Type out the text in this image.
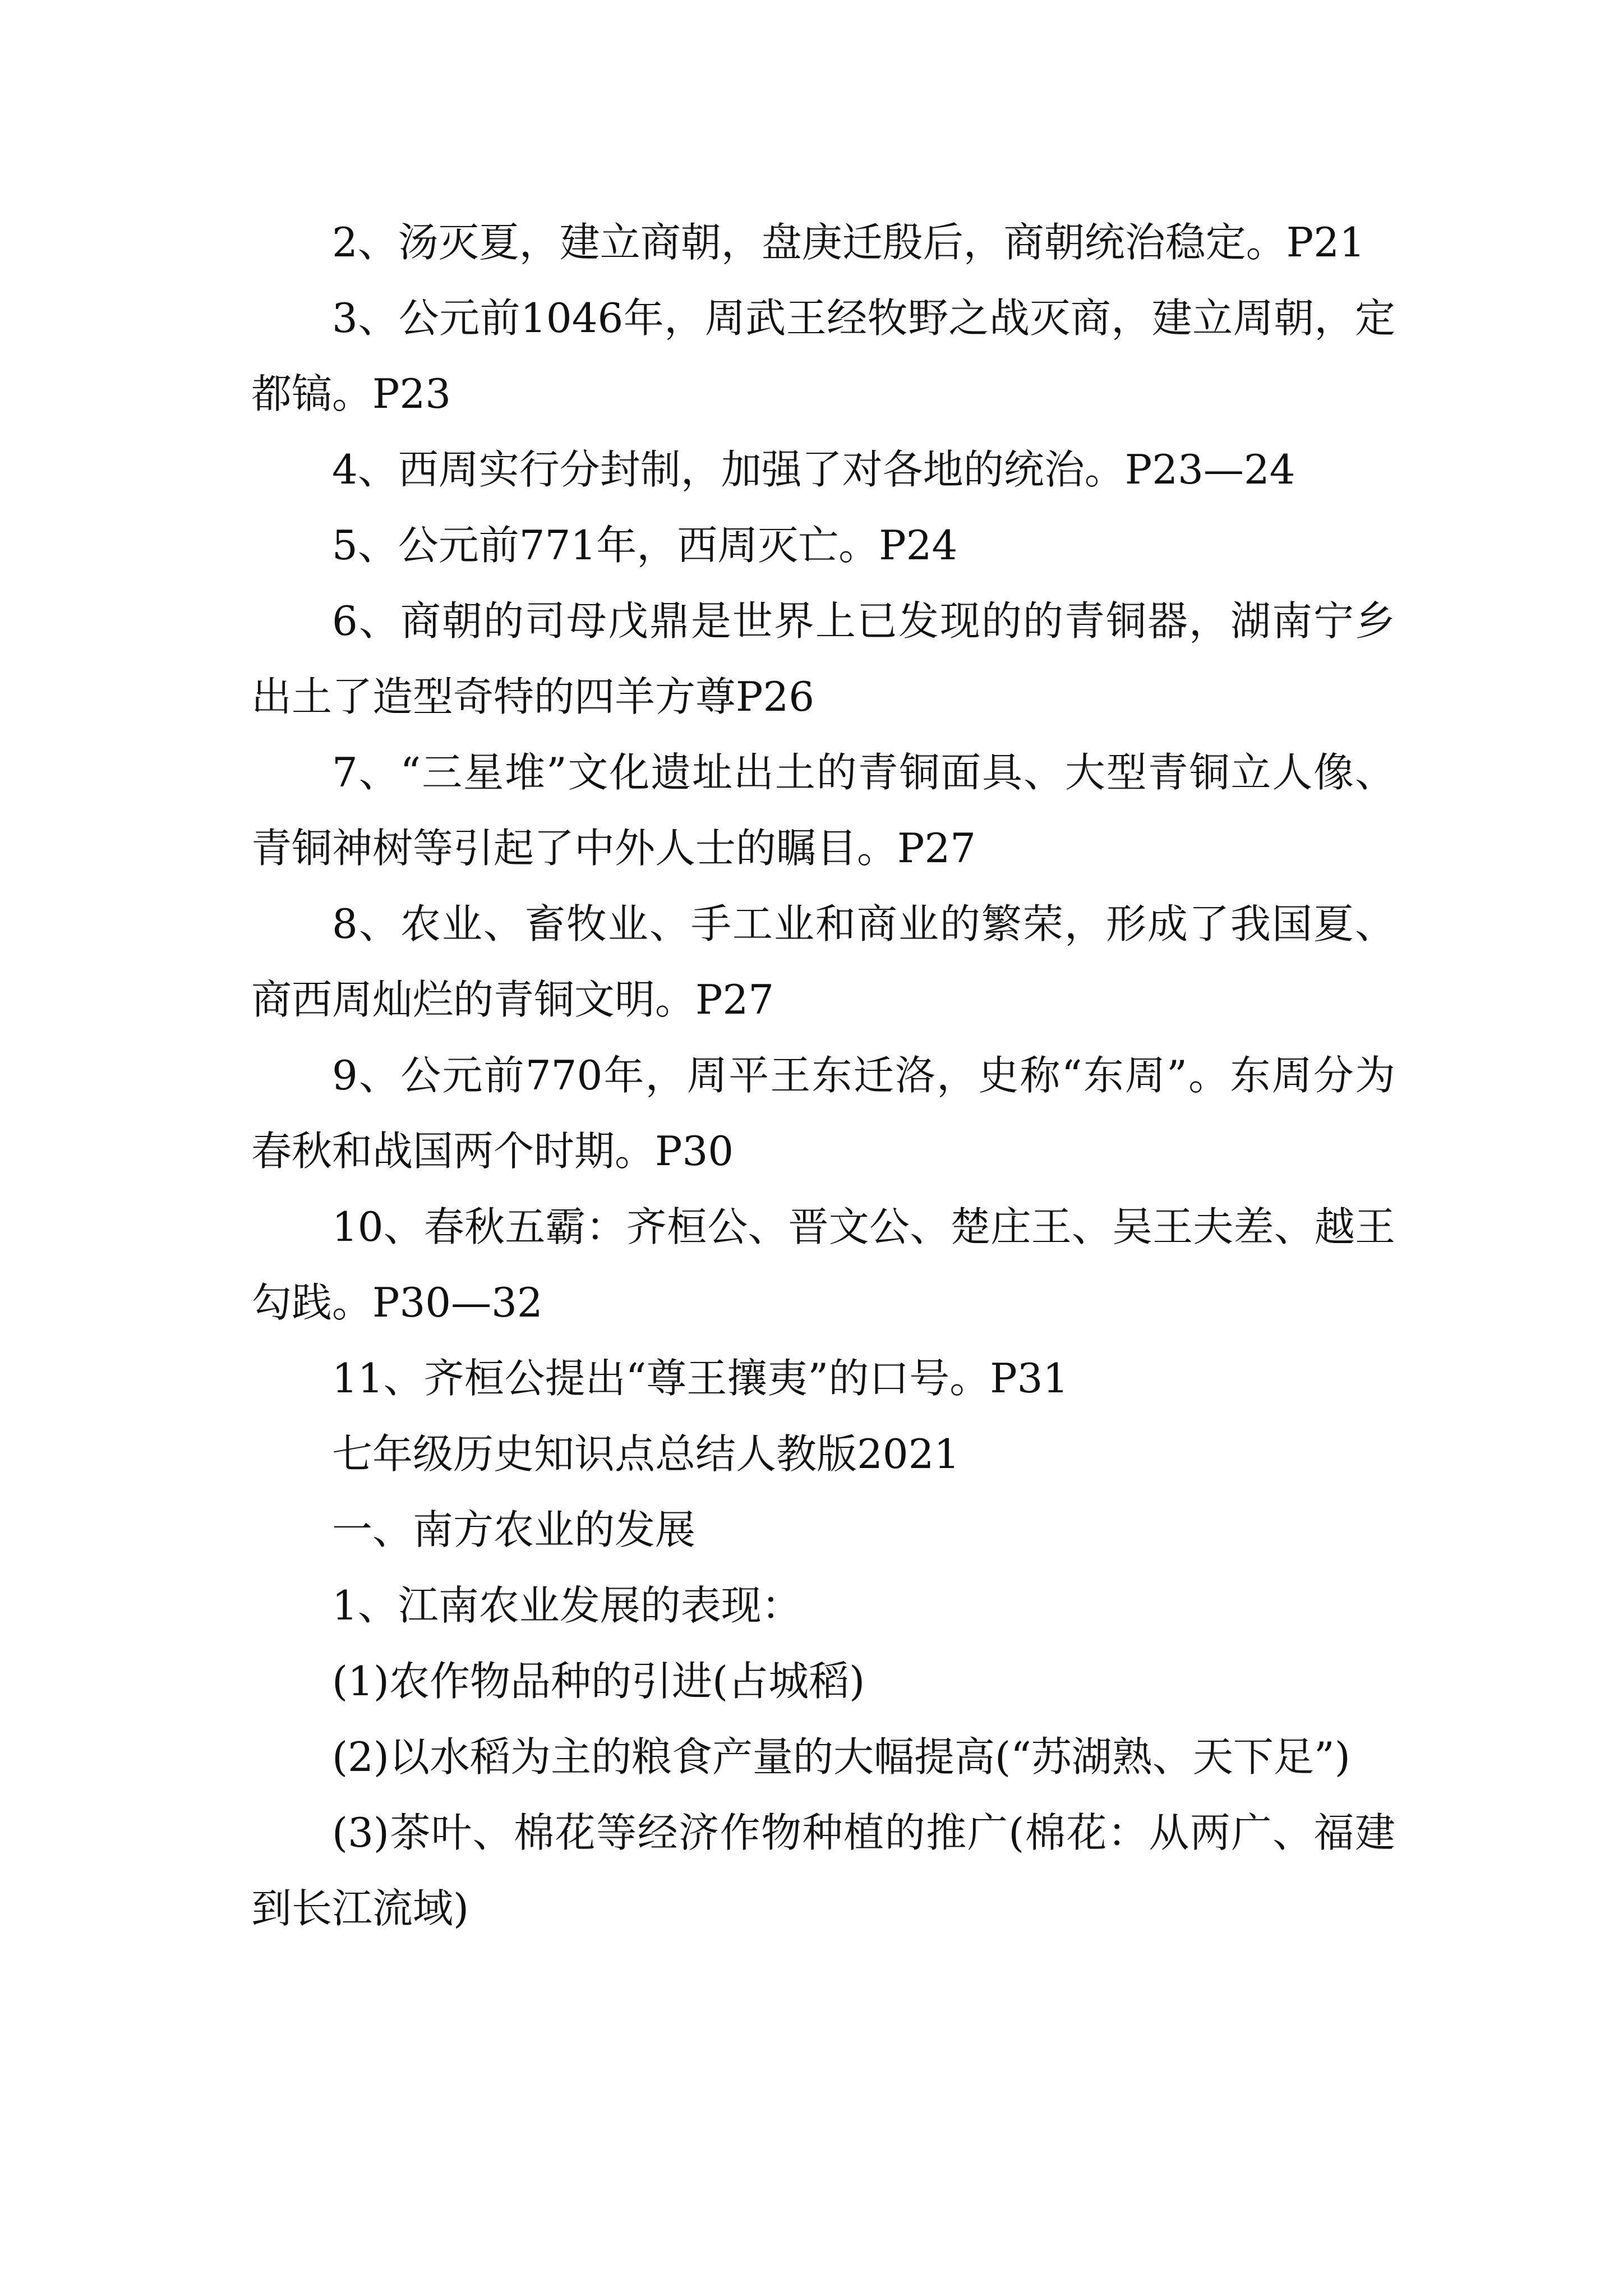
2、汤灭夏，建立商朝，盘庚迁殷后，商朝统治稳定。P21

3、公元前1046年，周武王经牧野之战灭商，建立周朝，定都镐。P23

4、西周实行分封制，加强了对各地的统治。P23—24

5、公元前771年，西周灭亡。P24

6、商朝的司母戊鼎是世界上已发现的的青铜器，湖南宁乡出土了造型奇特的四羊方尊P26

7、“三星堆”文化遗址出土的青铜面具、大型青铜立人像、青铜神树等引起了中外人士的瞩目。P27

8、农业、畜牧业、手工业和商业的繁荣，形成了我国夏、商西周灿烂的青铜文明。P27

9、公元前770年，周平王东迁洛，史称“东周”。东周分为春秋和战国两个时期。P30

10、春秋五霸：齐桓公、晋文公、楚庄王、吴王夫差、越王勾践。P30—32

11、齐桓公提出“尊王攘夷”的口号。P31

七年级历史知识点总结人教版2021

一、南方农业的发展

1、江南农业发展的表现：

(1)农作物品种的引进(占城稻)

(2)以水稻为主的粮食产量的大幅提高(“苏湖熟、天下足”)

(3)茶叶、棉花等经济作物种植的推广(棉花：从两广、福建到长江流域)
